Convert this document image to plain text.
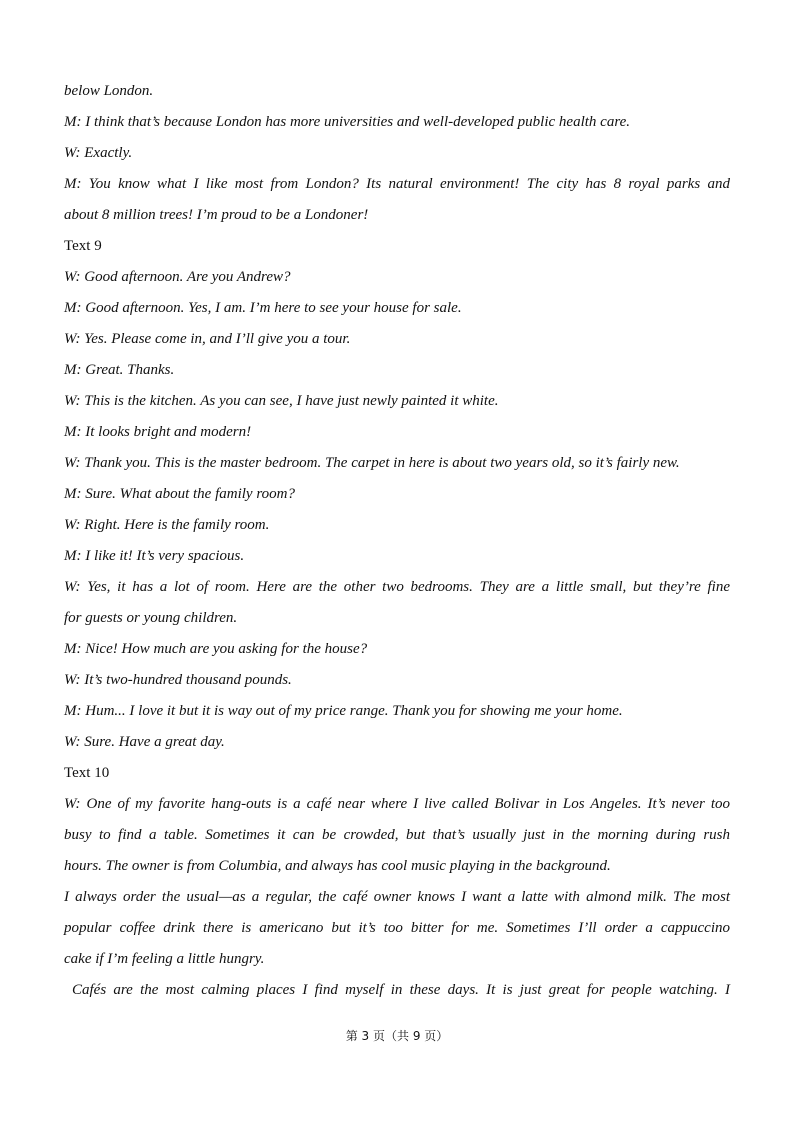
below London.

M: I think that’s because London has more universities and well-developed public health care.

W: Exactly.

M: You know what I like most from London? Its natural environment! The city has 8 royal parks and

about 8 million trees! I’m proud to be a Londoner!

Text 9

W: Good afternoon. Are you Andrew?

M: Good afternoon. Yes, I am. I’m here to see your house for sale.

W: Yes. Please come in, and I’ll give you a tour.

M: Great. Thanks.

W: This is the kitchen. As you can see, I have just newly painted it white.

M: It looks bright and modern!

W: Thank you. This is the master bedroom. The carpet in here is about two years old, so it’s fairly new.

M: Sure. What about the family room?

W: Right. Here is the family room.

M: I like it! It’s very spacious.

W: Yes, it has a lot of room. Here are the other two bedrooms. They are a little small, but they’re fine

for guests or young children.

M: Nice! How much are you asking for the house?

W: It’s two-hundred thousand pounds.

M: Hum... I love it but it is way out of my price range. Thank you for showing me your home.

W: Sure. Have a great day.

Text 10

W: One of my favorite hang-outs is a café near where I live called Bolivar in Los Angeles. It’s never too

busy to find a table. Sometimes it can be crowded, but that’s usually just in the morning during rush

hours. The owner is from Columbia, and always has cool music playing in the background.

I always order the usual—as a regular, the café owner knows I want a latte with almond milk. The most

popular coffee drink there is americano but it’s too bitter for me. Sometimes I’ll order a cappuccino

cake if I’m feeling a little hungry.

Cafés are the most calming places I find myself in these days. It is just great for people watching. I

第 3 页（共 9 页）
